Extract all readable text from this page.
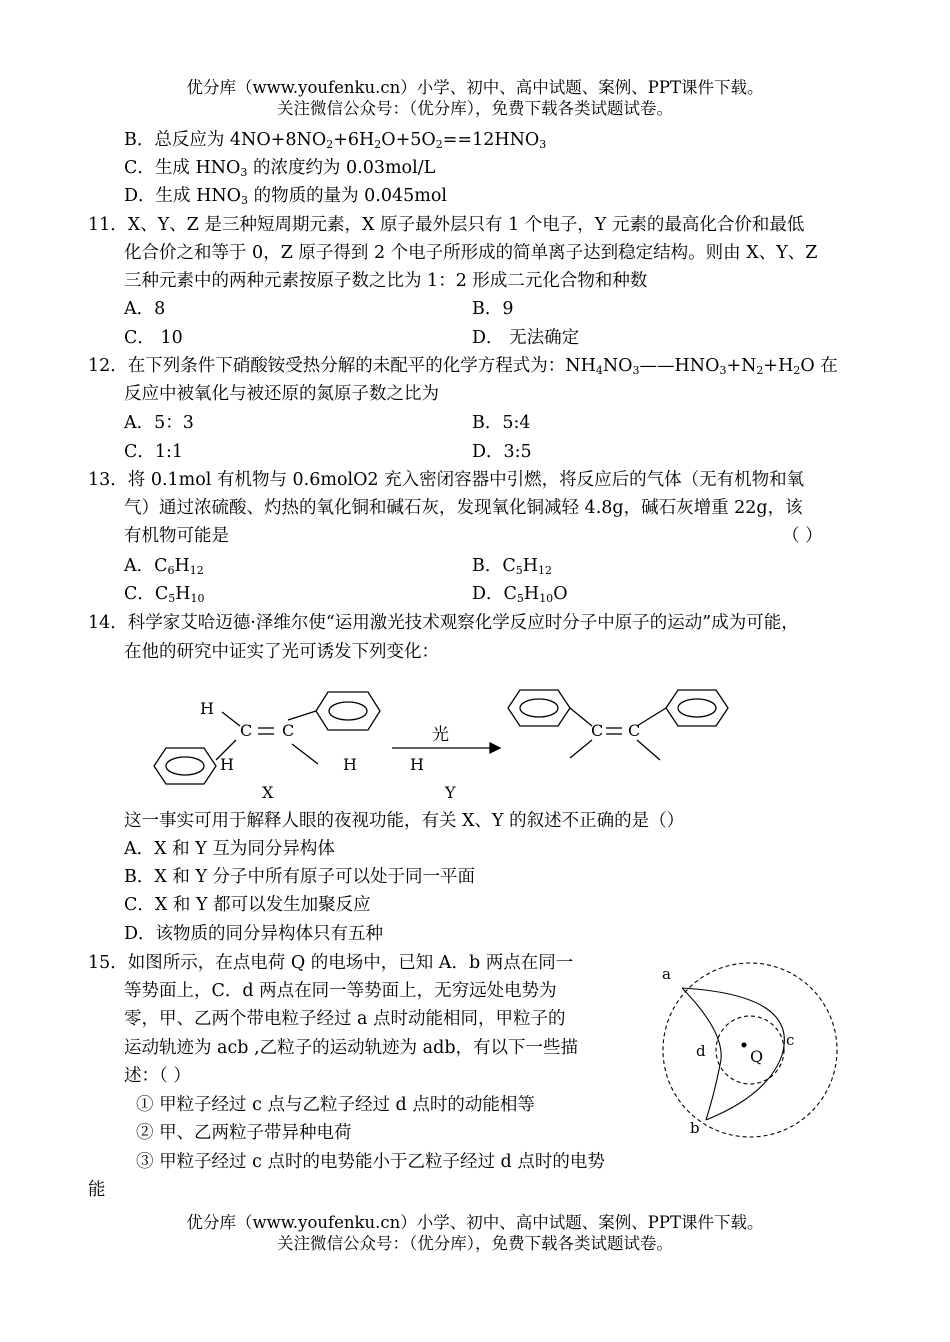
优分库（www.youfenku.cn）小学、初中、高中试题、案例、PPT课件下载。
关注微信公众号：（优分库），免费下载各类试题试卷。
B．总反应为 $4NO+8NO_2+6H_2O+5O_2==12HNO_3$
C．生成 $HNO_3$ 的浓度约为 0.03mol/L
D．生成 $HNO_3$ 的物质的量为 0.045mol
11．X、Y、Z 是三种短周期元素，X 原子最外层只有 1 个电子，Y 元素的最高化合价和最低
化合价之和等于 0，Z 原子得到 2 个电子所形成的简单离子达到稳定结构。则由 X、Y、Z
三种元素中的两种元素按原子数之比为 1：2 形成二元化合物和种数
A．8	B．9
C． 10	D． 无法确定
12．在下列条件下硝酸铵受热分解的未配平的化学方程式为：$NH_4NO_3——HNO_3+N_2+H_2O$ 在
反应中被氧化与被还原的氮原子数之比为
A．5：3	B．5:4
C．1:1	D．3:5
13．将 0.1mol 有机物与 0.6molO2 充入密闭容器中引燃，将反应后的气体（无有机物和氧
气）通过浓硫酸、灼热的氧化铜和碱石灰，发现氧化铜减轻 4.8g，碱石灰增重 22g，该
有机物可能是	（ ）
A．$C_6H_{12}$	B．$C_5H_{12}$
C．$C_5H_{10}$	D．$C_5H_{10}O$
14．科学家艾哈迈德·泽维尔使“运用激光技术观察化学反应时分子中原子的运动”成为可能，
在他的研究中证实了光可诱发下列变化：
H
C C
H	H
X
光
H
C C
Y
这一事实可用于解释人眼的夜视功能，有关 X、Y 的叙述不正确的是（）
A．X 和 Y 互为同分异构体
B．X 和 Y 分子中所有原子可以处于同一平面
C．X 和 Y 都可以发生加聚反应
D．该物质的同分异构体只有五种
15．如图所示，在点电荷 Q 的电场中，已知 A．b 两点在同一
等势面上，C．d 两点在同一等势面上，无穷远处电势为
零，甲、乙两个带电粒子经过 a 点时动能相同，甲粒子的
运动轨迹为 acb ,乙粒子的运动轨迹为 adb，有以下一些描
述：（ ）
① 甲粒子经过 c 点与乙粒子经过 d 点时的动能相等
② 甲、乙两粒子带异种电荷
③ 甲粒子经过 c 点时的电势能小于乙粒子经过 d 点时的电势
能
a
b
c
d	Q
优分库（www.youfenku.cn）小学、初中、高中试题、案例、PPT课件下载。
关注微信公众号：（优分库），免费下载各类试题试卷。
